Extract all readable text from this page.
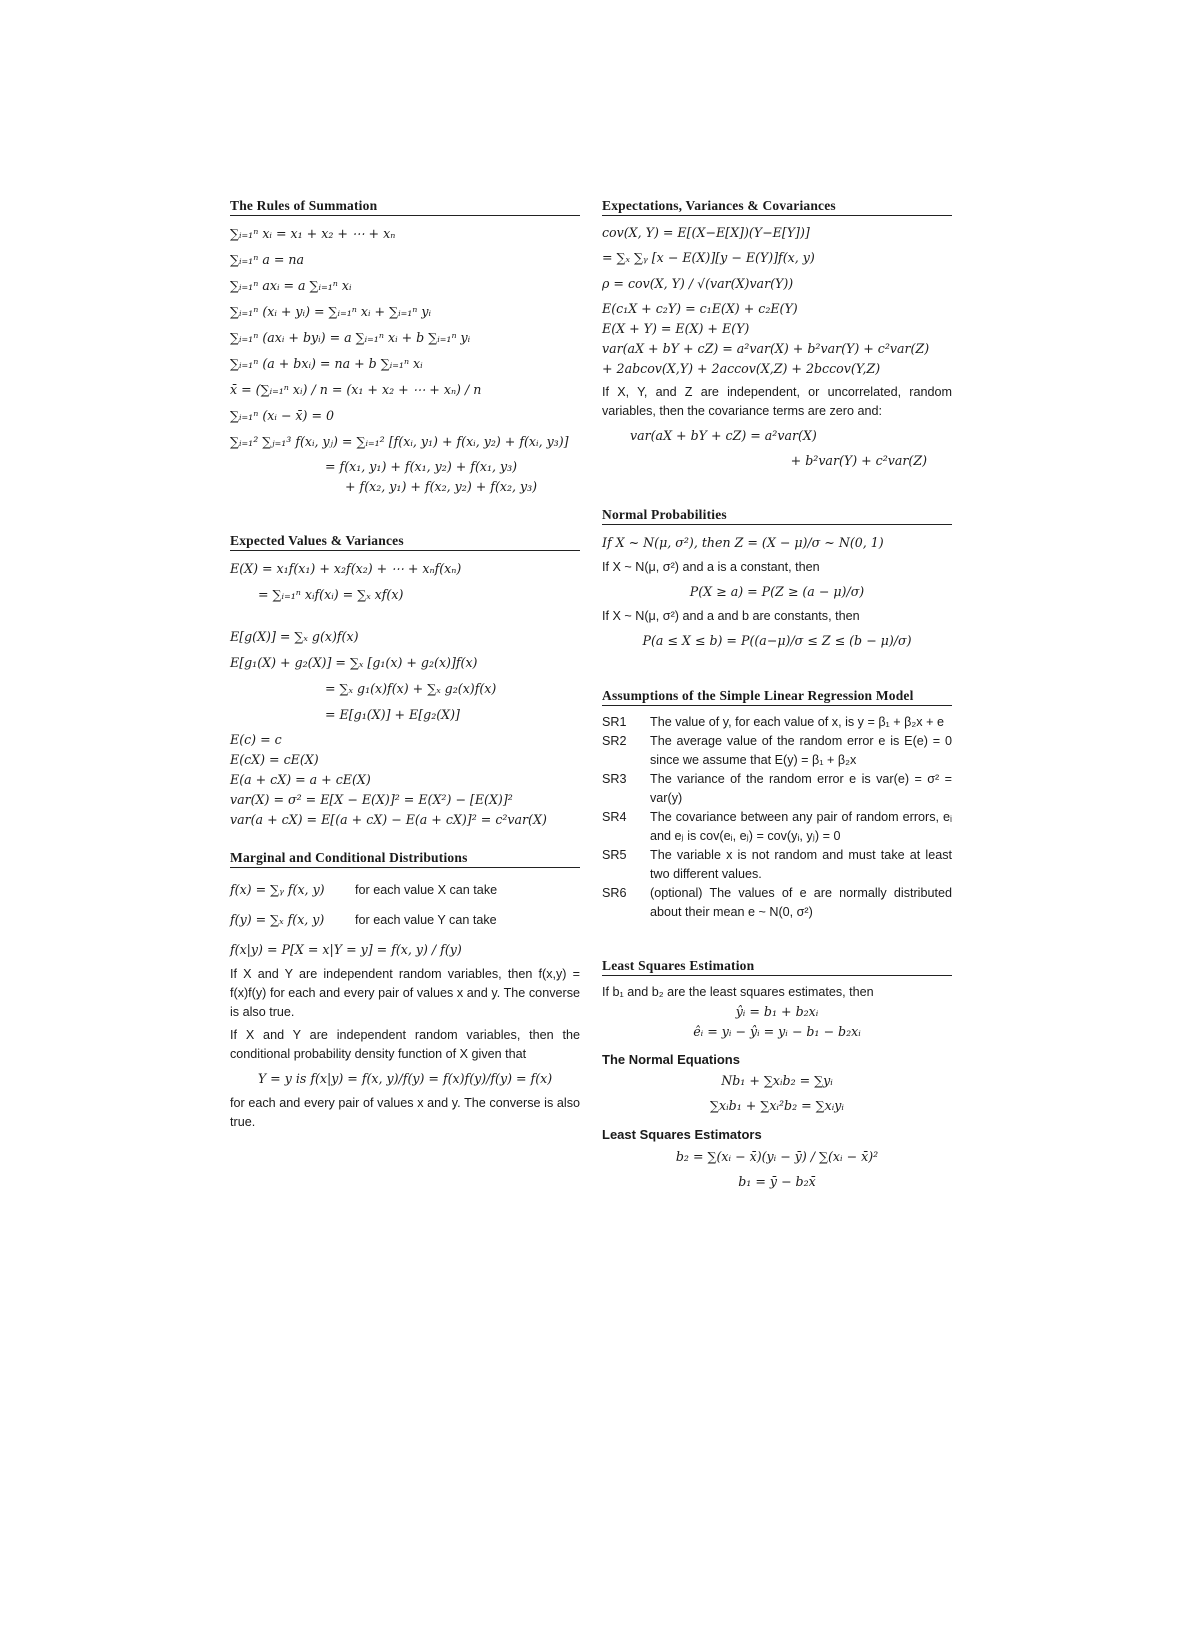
The Rules of Summation
∑ᵢ₌₁ⁿ xᵢ = x₁ + x₂ + ⋯ + xₙ
∑ᵢ₌₁ⁿ a = na
∑ᵢ₌₁ⁿ axᵢ = a ∑ᵢ₌₁ⁿ xᵢ
∑ᵢ₌₁ⁿ (xᵢ + yᵢ) = ∑ᵢ₌₁ⁿ xᵢ + ∑ᵢ₌₁ⁿ yᵢ
∑ᵢ₌₁ⁿ (axᵢ + byᵢ) = a ∑ᵢ₌₁ⁿ xᵢ + b ∑ᵢ₌₁ⁿ yᵢ
∑ᵢ₌₁ⁿ (a + bxᵢ) = na + b ∑ᵢ₌₁ⁿ xᵢ
x̄ = (∑ᵢ₌₁ⁿ xᵢ) / n = (x₁ + x₂ + ⋯ + xₙ) / n
∑ᵢ₌₁ⁿ (xᵢ − x̄) = 0
∑ᵢ₌₁² ∑ⱼ₌₁³ f(xᵢ, yⱼ) = ∑ᵢ₌₁² [f(xᵢ, y₁) + f(xᵢ, y₂) + f(xᵢ, y₃)]
= f(x₁, y₁) + f(x₁, y₂) + f(x₁, y₃)
+ f(x₂, y₁) + f(x₂, y₂) + f(x₂, y₃)
Expected Values & Variances
E(X) = x₁f(x₁) + x₂f(x₂) + ⋯ + xₙf(xₙ)
= ∑ᵢ₌₁ⁿ xᵢf(xᵢ) = ∑ₓ xf(x)
E[g(X)] = ∑ₓ g(x)f(x)
E[g₁(X) + g₂(X)] = ∑ₓ [g₁(x) + g₂(x)]f(x)
= ∑ₓ g₁(x)f(x) + ∑ₓ g₂(x)f(x)
= E[g₁(X)] + E[g₂(X)]
E(c) = c
E(cX) = cE(X)
E(a + cX) = a + cE(X)
var(X) = σ² = E[X − E(X)]² = E(X²) − [E(X)]²
var(a + cX) = E[(a + cX) − E(a + cX)]² = c²var(X)
Marginal and Conditional Distributions
f(x) = ∑ᵧ f(x, y)	for each value X can take
f(y) = ∑ₓ f(x, y)	for each value Y can take
f(x|y) = P[X = x|Y = y] = f(x, y) / f(y)
If X and Y are independent random variables, then f(x,y) = f(x)f(y) for each and every pair of values x and y. The converse is also true.
If X and Y are independent random variables, then the conditional probability density function of X given that
Y = y is f(x|y) = f(x, y)/f(y) = f(x)f(y)/f(y) = f(x)
for each and every pair of values x and y. The converse is also true.
Expectations, Variances & Covariances
cov(X, Y) = E[(X−E[X])(Y−E[Y])]
= ∑ₓ ∑ᵧ [x − E(X)][y − E(Y)]f(x, y)
ρ = cov(X, Y) / √(var(X)var(Y))
E(c₁X + c₂Y) = c₁E(X) + c₂E(Y)
E(X + Y) = E(X) + E(Y)
var(aX + bY + cZ) = a²var(X) + b²var(Y) + c²var(Z)
+ 2abcov(X,Y) + 2accov(X,Z) + 2bccov(Y,Z)
If X, Y, and Z are independent, or uncorrelated, random variables, then the covariance terms are zero and:
var(aX + bY + cZ) = a²var(X)
+ b²var(Y) + c²var(Z)
Normal Probabilities
If X ~ N(μ, σ²), then Z = (X − μ)/σ ~ N(0, 1)
If X ~ N(μ, σ²) and a is a constant, then
P(X ≥ a) = P(Z ≥ (a − μ)/σ)
If X ~ N(μ, σ²) and a and b are constants, then
P(a ≤ X ≤ b) = P((a−μ)/σ ≤ Z ≤ (b − μ)/σ)
Assumptions of the Simple Linear Regression Model
SR1	The value of y, for each value of x, is y = β₁ + β₂x + e
SR2	The average value of the random error e is E(e) = 0 since we assume that E(y) = β₁ + β₂x
SR3	The variance of the random error e is var(e) = σ² = var(y)
SR4	The covariance between any pair of random errors, eᵢ and eⱼ is cov(eᵢ, eⱼ) = cov(yᵢ, yⱼ) = 0
SR5	The variable x is not random and must take at least two different values.
SR6	(optional) The values of e are normally distributed about their mean e ~ N(0, σ²)
Least Squares Estimation
If b₁ and b₂ are the least squares estimates, then
ŷᵢ = b₁ + b₂xᵢ
êᵢ = yᵢ − ŷᵢ = yᵢ − b₁ − b₂xᵢ
The Normal Equations
Nb₁ + ∑xᵢb₂ = ∑yᵢ
∑xᵢb₁ + ∑xᵢ²b₂ = ∑xᵢyᵢ
Least Squares Estimators
b₂ = ∑(xᵢ − x̄)(yᵢ − ȳ) / ∑(xᵢ − x̄)²
b₁ = ȳ − b₂x̄
